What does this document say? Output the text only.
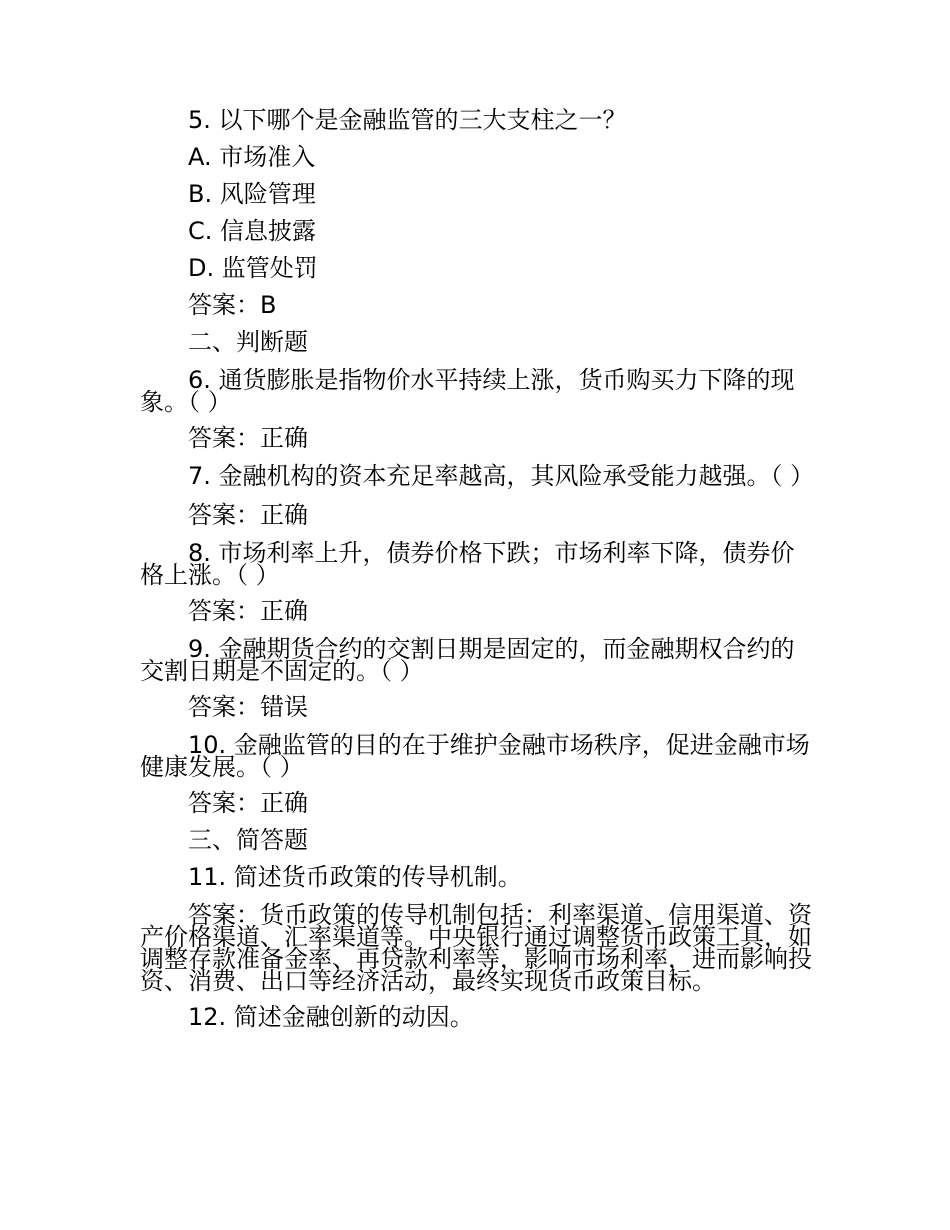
5. 以下哪个是金融监管的三大支柱之一？
A. 市场准入
B. 风险管理
C. 信息披露
D. 监管处罚
答案：B
二、判断题
6. 通货膨胀是指物价水平持续上涨，货币购买力下降的现象。（ ）
答案：正确
7. 金融机构的资本充足率越高，其风险承受能力越强。（ ）
答案：正确
8. 市场利率上升，债券价格下跌；市场利率下降，债券价格上涨。（ ）
答案：正确
9. 金融期货合约的交割日期是固定的，而金融期权合约的交割日期是不固定的。（ ）
答案：错误
10. 金融监管的目的在于维护金融市场秩序，促进金融市场健康发展。（ ）
答案：正确
三、简答题
11. 简述货币政策的传导机制。
答案：货币政策的传导机制包括：利率渠道、信用渠道、资产价格渠道、汇率渠道等。中央银行通过调整货币政策工具，如调整存款准备金率、再贷款利率等，影响市场利率，进而影响投资、消费、出口等经济活动，最终实现货币政策目标。
12. 简述金融创新的动因。
